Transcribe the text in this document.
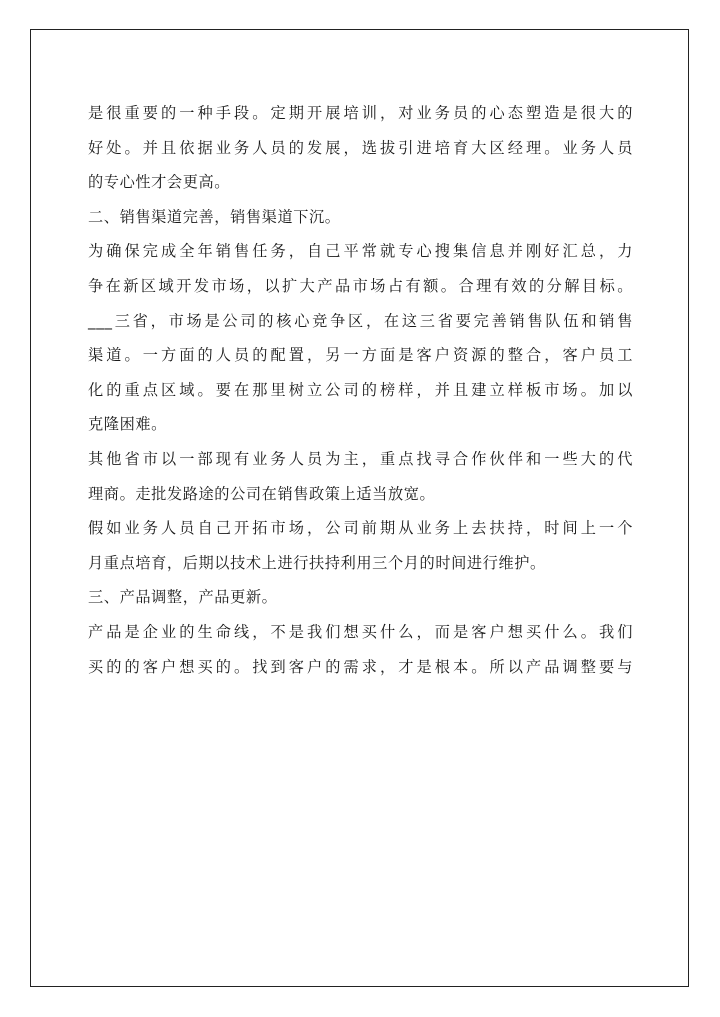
是很重要的一种手段。定期开展培训，对业务员的心态塑造是很大的
好处。并且依据业务人员的发展，选拔引进培育大区经理。业务人员
的专心性才会更高。
二、销售渠道完善，销售渠道下沉。
为确保完成全年销售任务，自己平常就专心搜集信息并刚好汇总，力
争在新区域开发市场，以扩大产品市场占有额。合理有效的分解目标。
___三省，市场是公司的核心竞争区，在这三省要完善销售队伍和销售
渠道。一方面的人员的配置，另一方面是客户资源的整合，客户员工
化的重点区域。要在那里树立公司的榜样，并且建立样板市场。加以
克隆困难。
其他省市以一部现有业务人员为主，重点找寻合作伙伴和一些大的代
理商。走批发路途的公司在销售政策上适当放宽。
假如业务人员自己开拓市场，公司前期从业务上去扶持，时间上一个
月重点培育，后期以技术上进行扶持利用三个月的时间进行维护。
三、产品调整，产品更新。
产品是企业的生命线，不是我们想买什么，而是客户想买什么。我们
买的的客户想买的。找到客户的需求，才是根本。所以产品调整要与
